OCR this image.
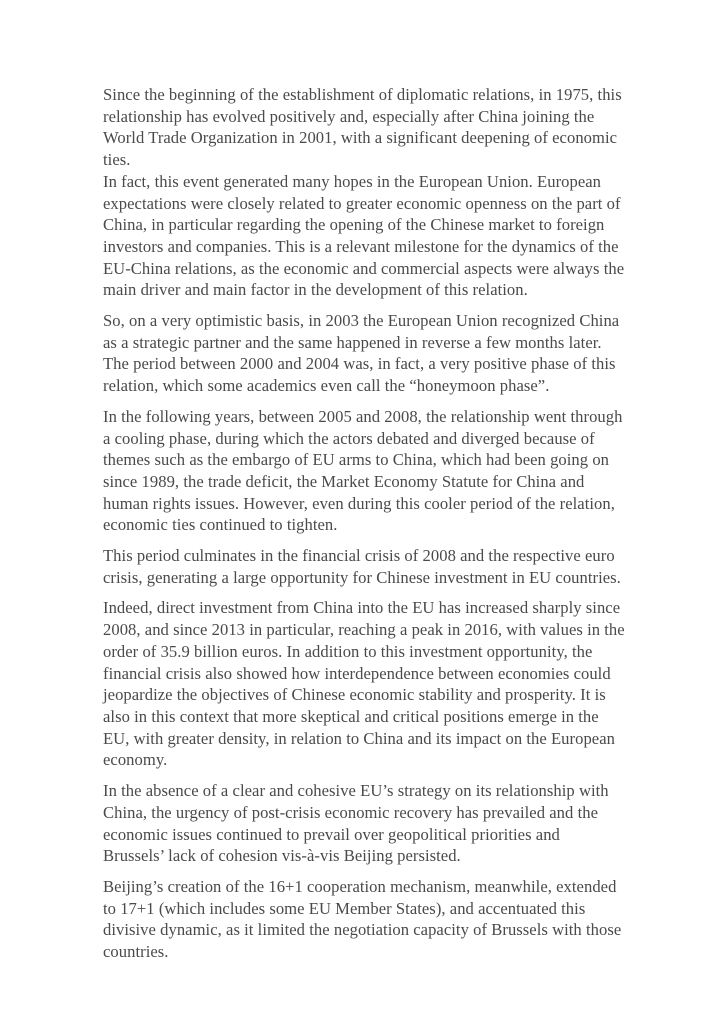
Since the beginning of the establishment of diplomatic relations, in 1975, this relationship has evolved positively and, especially after China joining the World Trade Organization in 2001, with a significant deepening of economic ties.

In fact, this event generated many hopes in the European Union. European expectations were closely related to greater economic openness on the part of China, in particular regarding the opening of the Chinese market to foreign investors and companies. This is a relevant milestone for the dynamics of the EU-China relations, as the economic and commercial aspects were always the main driver and main factor in the development of this relation.

So, on a very optimistic basis, in 2003 the European Union recognized China as a strategic partner and the same happened in reverse a few months later. The period between 2000 and 2004 was, in fact, a very positive phase of this relation, which some academics even call the “honeymoon phase”.

In the following years, between 2005 and 2008, the relationship went through a cooling phase, during which the actors debated and diverged because of themes such as the embargo of EU arms to China, which had been going on since 1989, the trade deficit, the Market Economy Statute for China and human rights issues. However, even during this cooler period of the relation, economic ties continued to tighten.

This period culminates in the financial crisis of 2008 and the respective euro crisis, generating a large opportunity for Chinese investment in EU countries.

Indeed, direct investment from China into the EU has increased sharply since 2008, and since 2013 in particular, reaching a peak in 2016, with values in the order of 35.9 billion euros. In addition to this investment opportunity, the financial crisis also showed how interdependence between economies could jeopardize the objectives of Chinese economic stability and prosperity. It is also in this context that more skeptical and critical positions emerge in the EU, with greater density, in relation to China and its impact on the European economy.

In the absence of a clear and cohesive EU’s strategy on its relationship with China, the urgency of post-crisis economic recovery has prevailed and the economic issues continued to prevail over geopolitical priorities and Brussels’ lack of cohesion vis-à-vis Beijing persisted.

Beijing’s creation of the 16+1 cooperation mechanism, meanwhile, extended to 17+1 (which includes some EU Member States), and accentuated this divisive dynamic, as it limited the negotiation capacity of Brussels with those countries.
